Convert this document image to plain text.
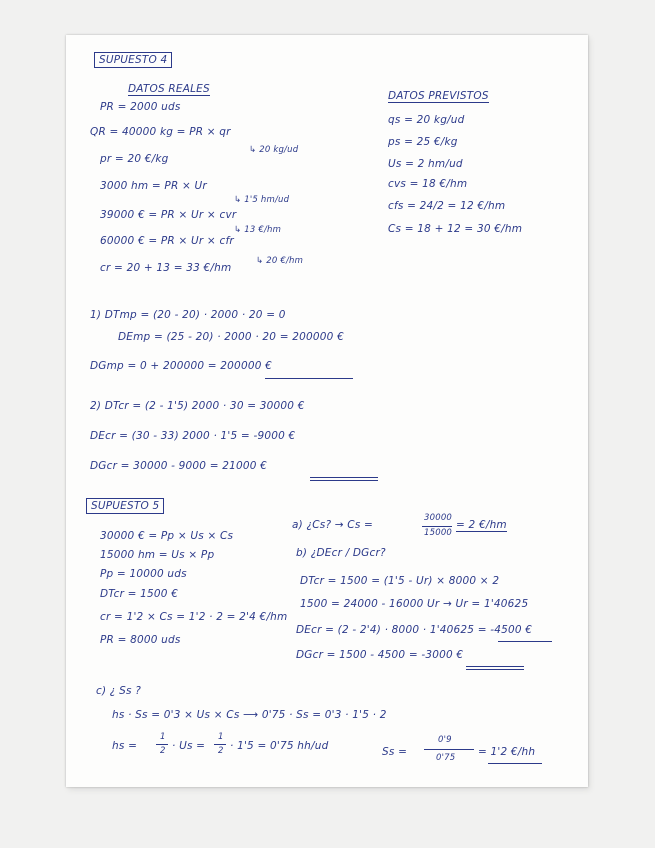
SUPUESTO 4
DATOS REALES
DATOS PREVISTOS
PR = 2000 uds
QR = 40000 kg = PR × qr
↳ 20 kg/ud
pr = 20 €/kg
3000 hm = PR × Ur
↳ 1'5 hm/ud
39000 € = PR × Ur × cvr
↳ 13 €/hm
60000 € = PR × Ur × cfr
↳ 20 €/hm
cr = 20 + 13 = 33 €/hm
qs = 20 kg/ud
ps = 25 €/kg
Us = 2 hm/ud
cvs = 18 €/hm
cfs = 24/2 = 12 €/hm
Cs = 18 + 12 = 30 €/hm
1) DTmp = (20 - 20) · 2000 · 20 = 0
DEmp = (25 - 20) · 2000 · 20 = 200000 €
DGmp = 0 + 200000 = 200000 €
2) DTcr = (2 - 1'5) 2000 · 30 = 30000 €
DEcr = (30 - 33) 2000 · 1'5 = -9000 €
DGcr = 30000 - 9000 = 21000 €
SUPUESTO 5
30000 € = Pp × Us × Cs
15000 hm = Us × Pp
Pp = 10000 uds
DTcr = 1500 €
cr = 1'2 × Cs = 1'2 · 2 = 2'4 €/hm
PR = 8000 uds
a) ¿Cs? → Cs =
30000
15000
= 2 €/hm
b) ¿DEcr / DGcr?
DTcr = 1500 = (1'5 - Ur) × 8000 × 2
1500 = 24000 - 16000 Ur → Ur = 1'40625
DEcr = (2 - 2'4) · 8000 · 1'40625 = -4500 €
DGcr = 1500 - 4500 = -3000 €
c) ¿ Ss ?
hs · Ss = 0'3 × Us × Cs ⟶ 0'75 · Ss = 0'3 · 1'5 · 2
hs =
1
2 · Us =
1
2 · 1'5 = 0'75 hh/ud	Ss =
0'9
0'75 = 1'2 €/hh
